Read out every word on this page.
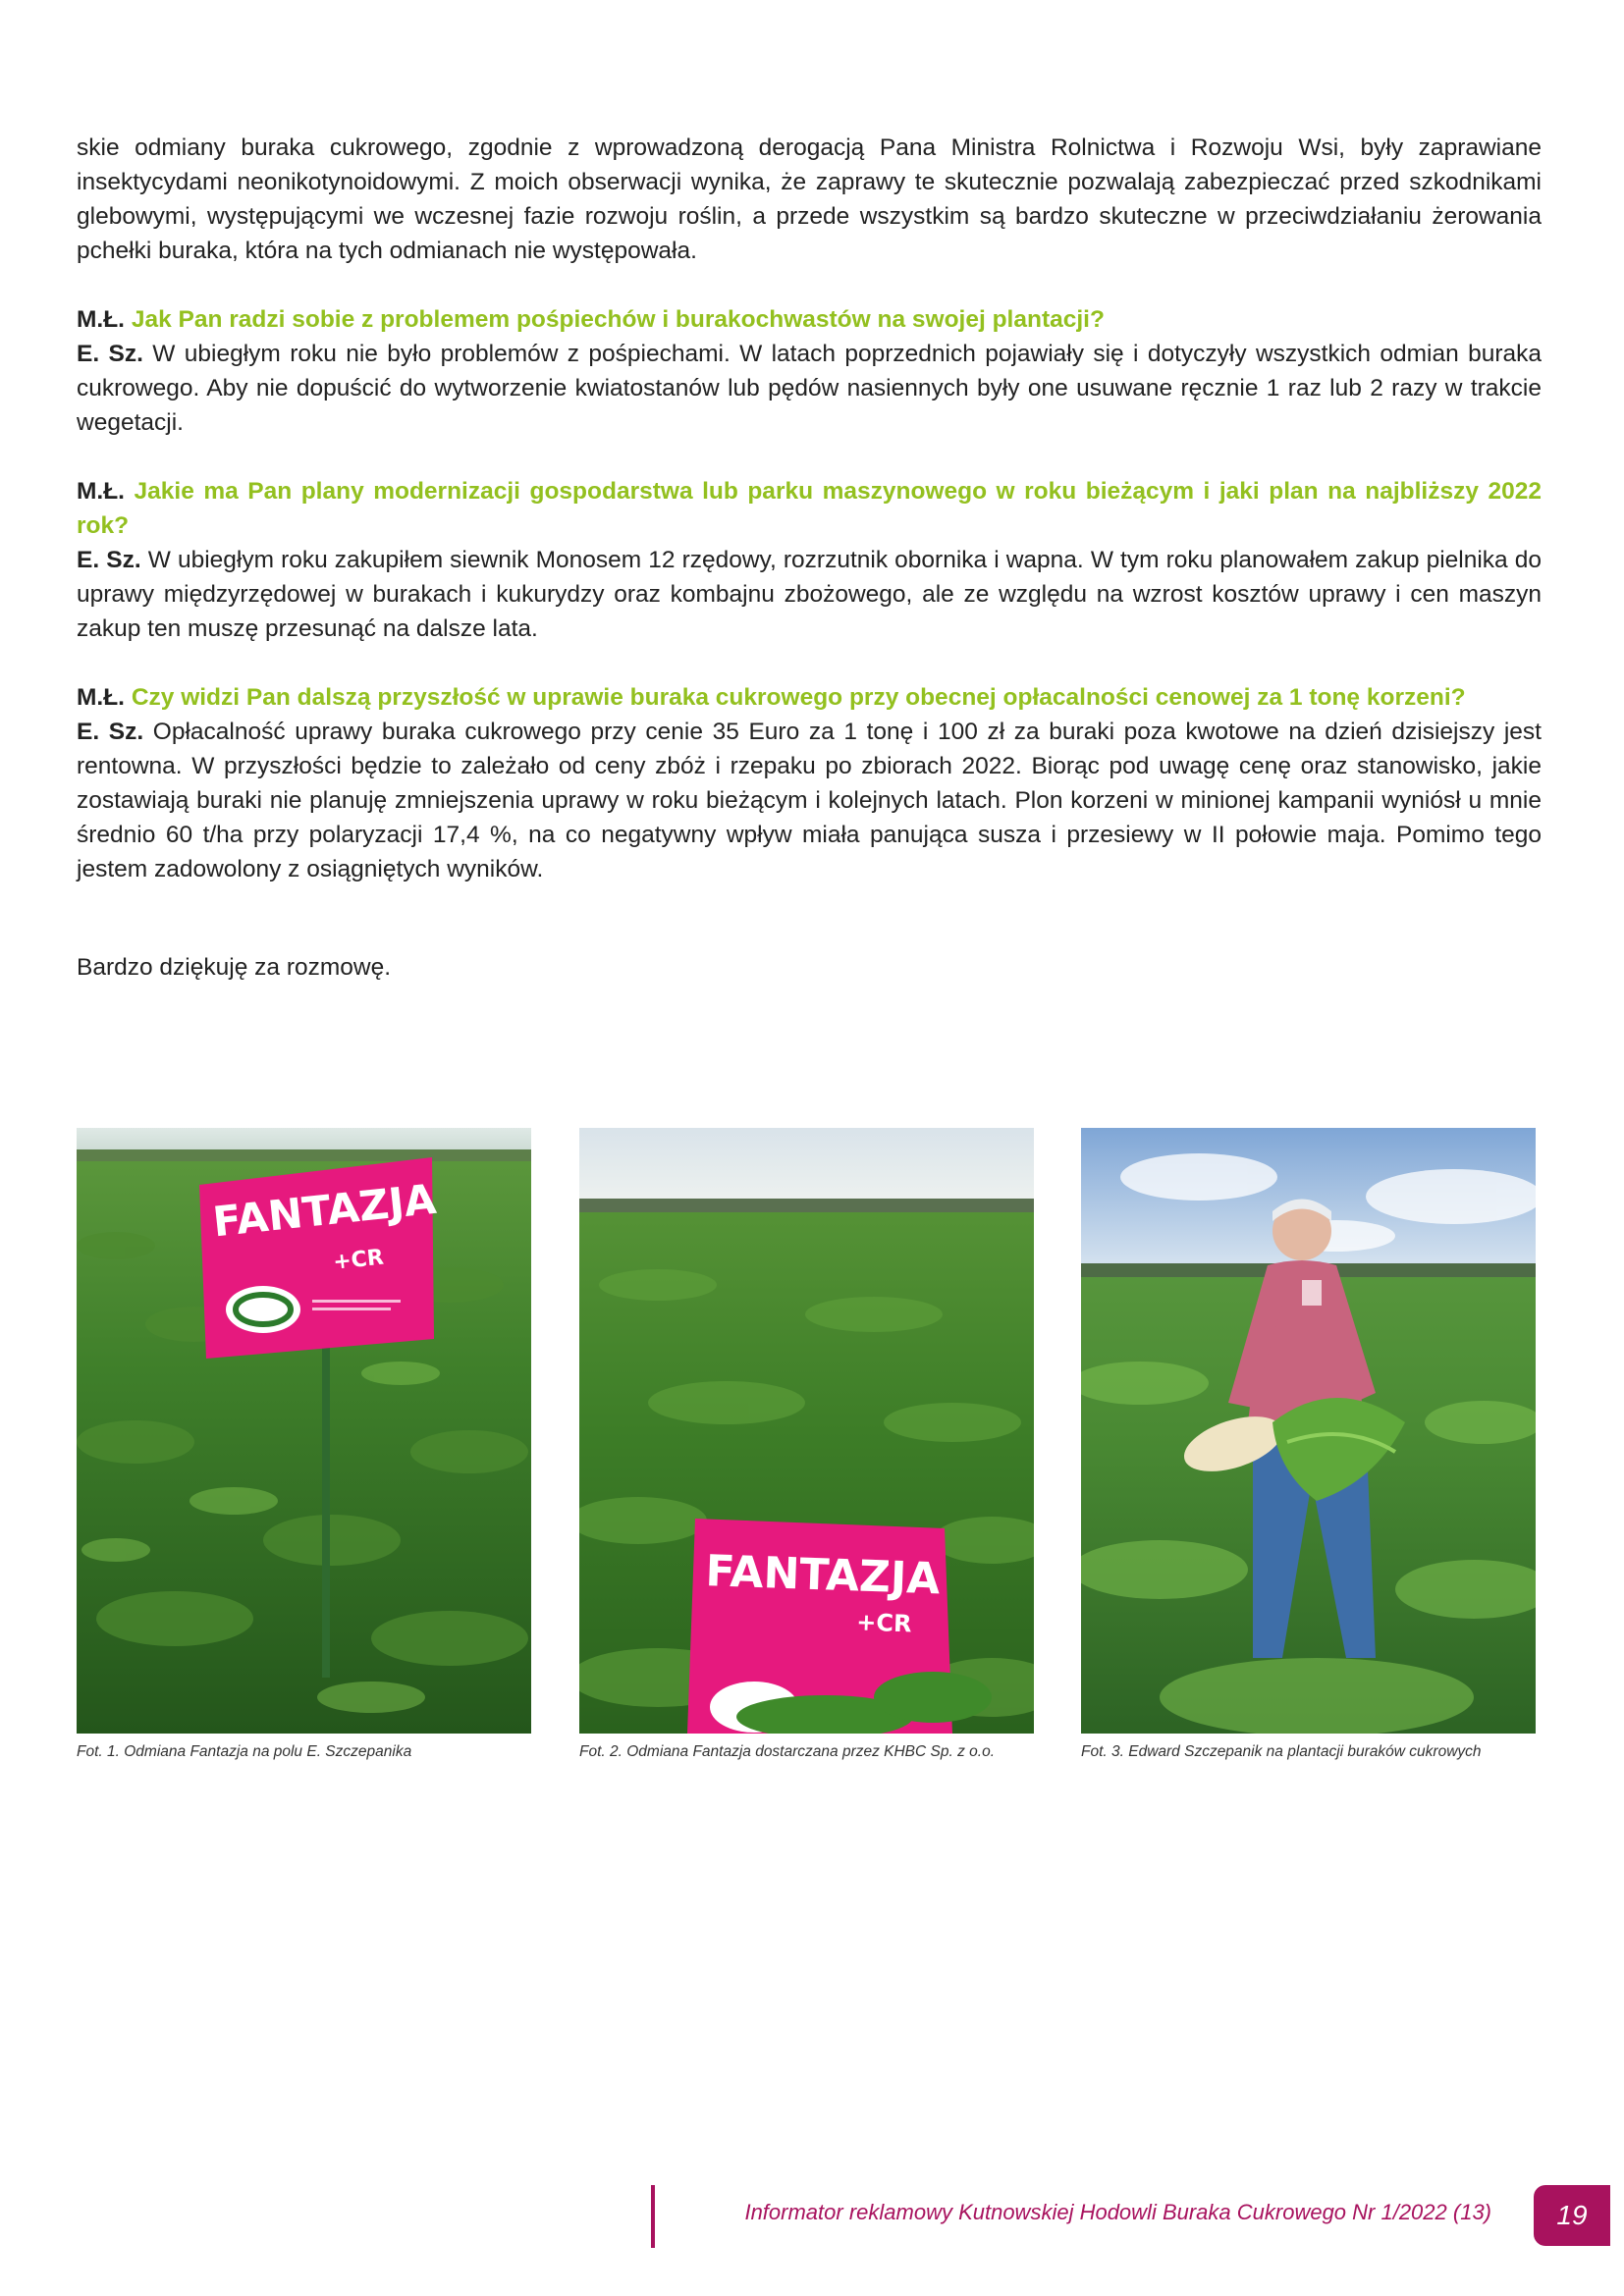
skie odmiany buraka cukrowego, zgodnie z wprowadzoną derogacją Pana Ministra Rolnictwa i Rozwoju Wsi, były zaprawiane insektycydami neonikotynoidowymi. Z moich obserwacji wynika, że zaprawy te skutecznie pozwalają zabezpieczać przed szkodnikami glebowymi, występującymi we wczesnej fazie rozwoju roślin, a przede wszystkim są bardzo skuteczne w przeciwdziałaniu żerowania pchełki buraka, która na tych odmianach nie występowała.

M.Ł. Jak Pan radzi sobie z problemem pośpiechów i burakochwastów na swojej plantacji?

E. Sz. W ubiegłym roku nie było problemów z pośpiechami. W latach poprzednich pojawiały się i dotyczyły wszystkich odmian buraka cukrowego. Aby nie dopuścić do wytworzenie kwiatostanów lub pędów nasiennych były one usuwane ręcznie 1 raz lub 2 razy w trakcie wegetacji.

M.Ł. Jakie ma Pan plany modernizacji gospodarstwa lub parku maszynowego w roku bieżącym i jaki plan na najbliższy 2022 rok?

E. Sz. W ubiegłym roku zakupiłem siewnik Monosem 12 rzędowy, rozrzutnik obornika i wapna. W tym roku planowałem zakup pielnika do uprawy międzyrzędowej w burakach i kukurydzy oraz kombajnu zbożowego, ale ze względu na wzrost kosztów uprawy i cen maszyn zakup ten muszę przesunąć na dalsze lata.

M.Ł. Czy widzi Pan dalszą przyszłość w uprawie buraka cukrowego przy obecnej opłacalności cenowej za 1 tonę korzeni?

E. Sz. Opłacalność uprawy buraka cukrowego przy cenie 35 Euro za 1 tonę i 100 zł za buraki poza kwotowe na dzień dzisiejszy jest rentowna. W przyszłości będzie to zależało od ceny zbóż i rzepaku po zbiorach 2022. Biorąc pod uwagę cenę oraz stanowisko, jakie zostawiają buraki nie planuję zmniejszenia uprawy w roku bieżącym i kolejnych latach. Plon korzeni w minionej kampanii wyniósł u mnie średnio 60 t/ha przy polaryzacji 17,4 %, na co negatywny wpływ miała panująca susza i przesiewy w II połowie maja. Pomimo tego jestem zadowolony z osiągniętych wyników.

Bardzo dziękuję za rozmowę.

FANTAZJA
+CR
FANTAZJA
+CR
Fot. 1. Odmiana Fantazja na polu E. Szczepanika	Fot. 2. Odmiana Fantazja dostarczana przez KHBC Sp. z o.o.	Fot. 3. Edward Szczepanik na plantacji buraków cukrowych
Informator reklamowy Kutnowskiej Hodowli Buraka Cukrowego Nr 1/2022 (13)	19
